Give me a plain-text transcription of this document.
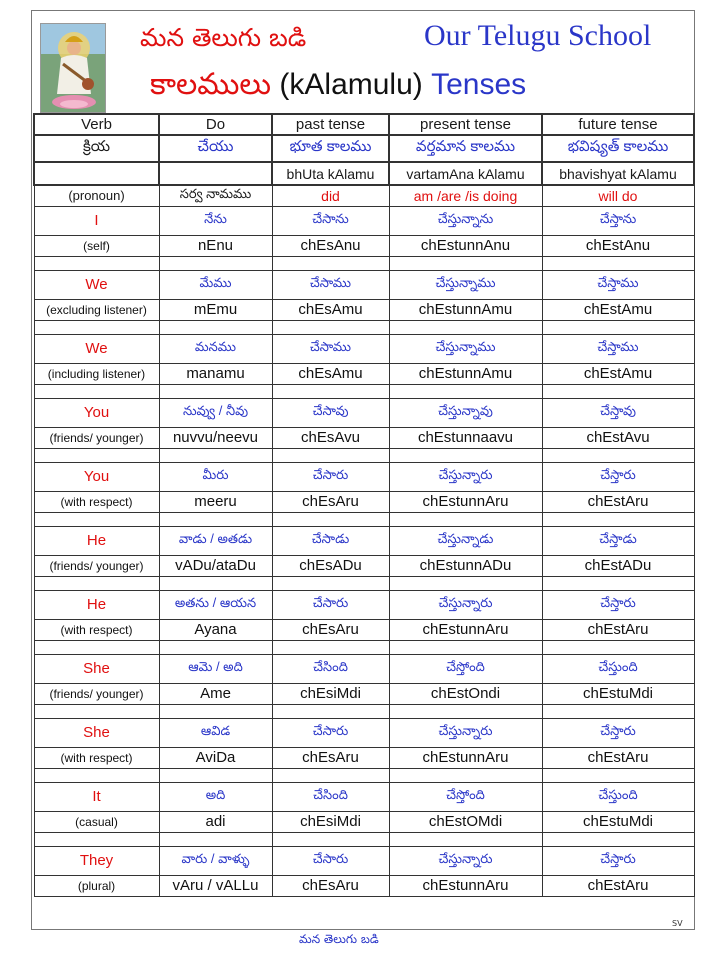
మన తెలుగు బడి	Our Telugu School
కాలములు (kAlamulu) Tenses
Verb	Do	past tense	present tense	future tense
క్రియ	చేయు	భూత కాలము	వర్తమాన కాలము	భవిష్యత్ కాలము
		bhUta kAlamu	vartamAna kAlamu	bhavishyat kAlamu
(pronoun)	సర్వ నామము	did	am /are /is doing	will do
I	నేను	చేసాను	చేస్తున్నాను	చేస్తాను
(self)	nEnu	chEsAnu	chEstunnAnu	chEstAnu

We	మేము	చేసాము	చేస్తున్నాము	చేస్తాము
(excluding listener)	mEmu	chEsAmu	chEstunnAmu	chEstAmu

We	మనము	చేసాము	చేస్తున్నాము	చేస్తాము
(including listener)	manamu	chEsAmu	chEstunnAmu	chEstAmu

You	నువ్వు / నీవు	చేసావు	చేస్తున్నావు	చేస్తావు
(friends/ younger)	nuvvu/neevu	chEsAvu	chEstunnaavu	chEstAvu

You	మీరు	చేసారు	చేస్తున్నారు	చేస్తారు
(with respect)	meeru	chEsAru	chEstunnAru	chEstAru

He	వాడు / అతడు	చేసాడు	చేస్తున్నాడు	చేస్తాడు
(friends/ younger)	vADu/ataDu	chEsADu	chEstunnADu	chEstADu

He	అతను / ఆయన	చేసారు	చేస్తున్నారు	చేస్తారు
(with respect)	Ayana	chEsAru	chEstunnAru	chEstAru

She	ఆమె / అది	చేసింది	చేస్తోంది	చేస్తుంది
(friends/ younger)	Ame	chEsiMdi	chEstOndi	chEstuMdi

She	ఆవిడ	చేసారు	చేస్తున్నారు	చేస్తారు
(with respect)	AviDa	chEsAru	chEstunnAru	chEstAru

It	అది	చేసింది	చేస్తోంది	చేస్తుంది
(casual)	adi	chEsiMdi	chEstOMdi	chEstuMdi

They	వారు / వాళ్ళు	చేసారు	చేస్తున్నారు	చేస్తారు
(plural)	vAru / vALLu	chEsAru	chEstunnAru	chEstAru
SV
మన తెలుగు బడి
